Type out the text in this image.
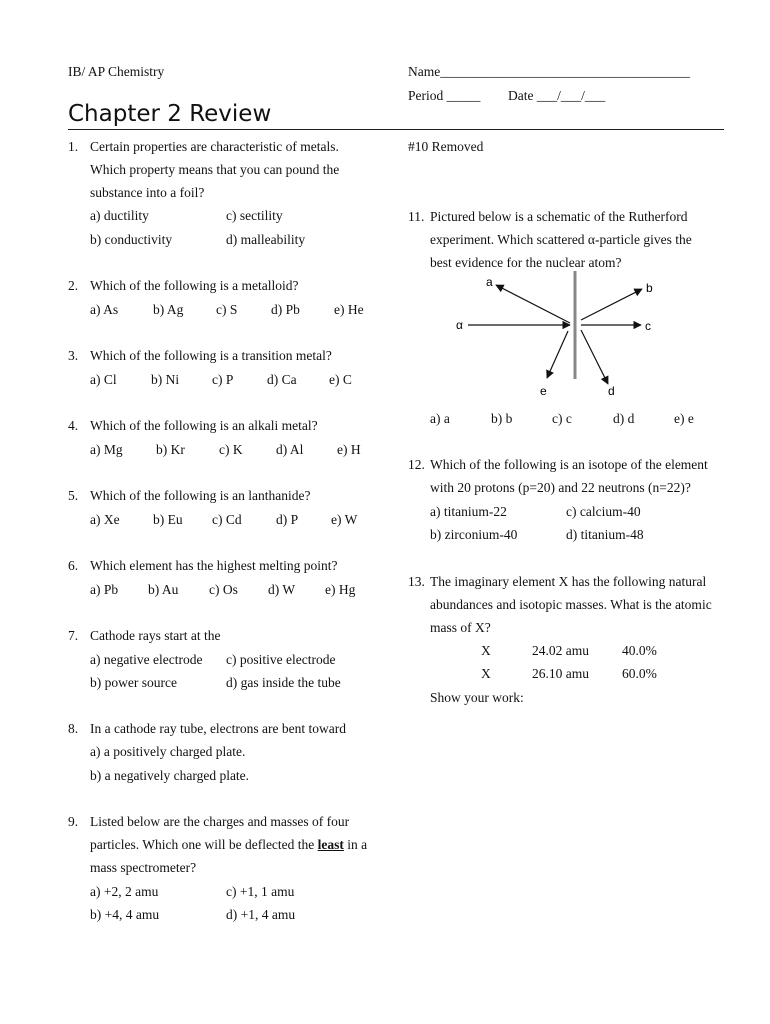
IB/ AP Chemistry	Name_____________________________________
Period _____ Date ___/___/___
Chapter 2 Review
1. Certain properties are characteristic of metals.
Which property means that you can pound the
substance into a foil?
a) ductility	c) sectility
b) conductivity	d) malleability
2. Which of the following is a metalloid?
a) As	b) Ag c) S d) Pb	e) He
3. Which of the following is a transition metal?
a) Cl	b) Ni c) P d) Ca e) C
4. Which of the following is an alkali metal?
a) Mg b) Kr	c) K d) Al e) H
5. Which of the following is an lanthanide?
a) Xe b) Eu c) Cd	d) P e) W
6. Which element has the highest melting point?
a) Pb b) Au c) Os d) W e) Hg
7. Cathode rays start at the
a) negative electrode c) positive electrode
b) power source	d) gas inside the tube
8. In a cathode ray tube, electrons are bent toward
a) a positively charged plate.
b) a negatively charged plate.
9. Listed below are the charges and masses of four
particles. Which one will be deflected the least in a
mass spectrometer?
a) +2, 2 amu	c) +1, 1 amu
b) +4, 4 amu	d) +1, 4 amu
#10 Removed
11. Pictured below is a schematic of the Rutherford
experiment. Which scattered α-particle gives the
best evidence for the nuclear atom?
α
a	b
c
d
e
a) a	b) b	c) c	d) d	e) e
12. Which of the following is an isotope of the element
with 20 protons (p=20) and 22 neutrons (n=22)?
a) titanium-22	c) calcium-40
b) zirconium-40	d) titanium-48
13. The imaginary element X has the following natural
abundances and isotopic masses. What is the atomic
mass of X?
X	24.02 amu 40.0%
X	26.10 amu 60.0%
Show your work:
